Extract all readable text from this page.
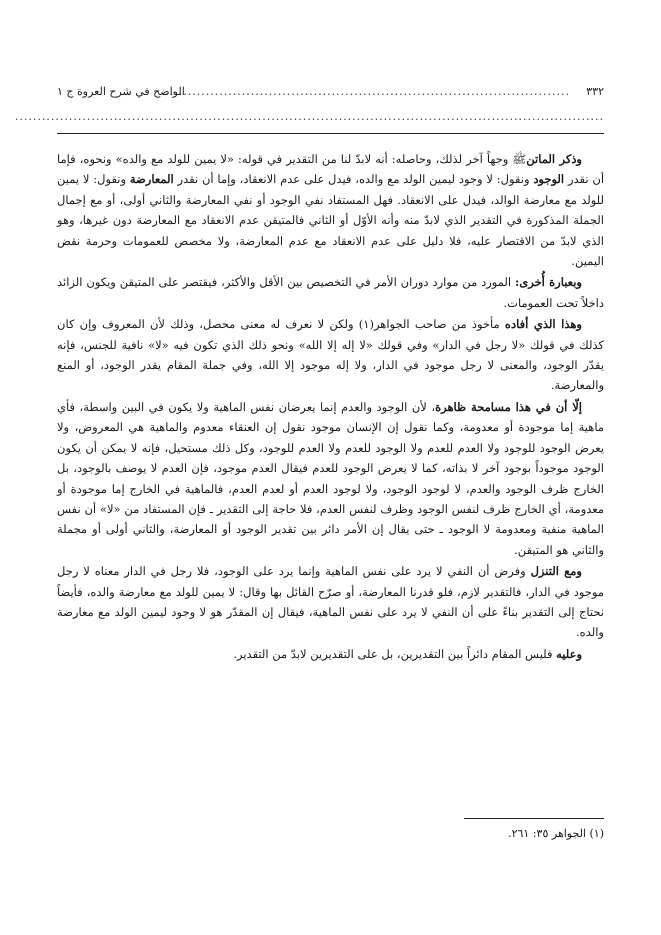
٣٣٢
..........................................................................................
الواضح في شرح العروة ج ١
...................................................................................................................................

وذكر الماتنﷺ وجهاً آخر لذلك، وحاصله: أنه لابدّ لنا من التقدير في قوله: «لا يمين للولد مع والده» ونحوه، فإما أن نقدر الوجود ونقول: لا وجود ليمين الولد مع والده، فيدل على عدم الانعقاد، وإما أن نقدر المعارضة ونقول: لا يمين للولد مع معارضة الوالد، فيدل على الانعقاد. فهل المستفاد نفي الوجود أو نفي المعارضة والثاني أولى، أو مع إجمال الجملة المذكورة في التقدير الذي لابدّ منه وأنه الأوّل أو الثاني فالمتيقن عدم الانعقاد مع المعارضة دون غيرها، وهو الذي لابدّ من الاقتصار عليه، فلا دليل على عدم الانعقاد مع عدم المعارضة، ولا مخصص للعمومات وحرمة نقض اليمين.

وبعبارة أُخرى: المورد من موارد دوران الأمر في التخصيص بين الأقل والأكثر، فيقتصر على المتيقن ويكون الزائد داخلاً تحت العمومات.

وهذا الذي أفاده مأخوذ من صاحب الجواهر(١) ولكن لا نعرف له معنى محصل، وذلك لأن المعروف وإن كان كذلك في قولك «لا رجل في الدار» وفي قولك «لا إله إلا الله» ونحو ذلك الذي تكون فيه «لا» نافية للجنس، فإنه يقدّر الوجود، والمعنى لا رجل موجود في الدار، ولا إله موجود إلا الله، وفي جملة المقام يقدر الوجود، أو المنع والمعارضة.

إلّا أن في هذا مسامحة ظاهرة، لأن الوجود والعدم إنما يعرضان نفس الماهية ولا يكون في البين واسطة، فأي ماهية إما موجودة أو معدومة، وكما نقول إن الإنسان موجود نقول إن العنقاء معدوم والماهية هي المعروض، ولا يعرض الوجود للوجود ولا العدم للعدم ولا الوجود للعدم ولا العدم للوجود، وكل ذلك مستحيل، فإنه لا يمكن أن يكون الوجود موجوداً بوجود آخر لا بذاته، كما لا يعرض الوجود للعدم فيقال العدم موجود، فإن العدم لا يوصف بالوجود، بل الخارج ظرف الوجود والعدم، لا لوجود الوجود، ولا لوجود العدم أو لعدم العدم، فالماهية في الخارج إما موجودة أو معدومة، أي الخارج ظرف لنفس الوجود وظرف لنفس العدم، فلا حاجة إلى التقدير ـ فإن المستفاد من «لا» أن نفس الماهية منفية ومعدومة لا الوجود ـ حتى يقال إن الأمر دائر بين تقدير الوجود أو المعارضة، والثاني أولى أو مجملة والثاني هو المتيقن.

ومع التنزل وفرض أن النفي لا يرد على نفس الماهية وإنما يرد على الوجود، فلا رجل في الدار معناه لا رجل موجود في الدار، فالتقدير لازم، فلو قدرنا المعارضة، أو صرّح القائل بها وقال: لا يمين للولد مع معارضة والده، فأيضاً نحتاج إلى التقدير بناءً على أن النفي لا يرد على نفس الماهية، فيقال إن المقدّر هو لا وجود ليمين الولد مع معارضة والده.

وعليه فليس المقام دائراً بين التقديرين، بل على التقديرين لابدّ من التقدير.

(١) الجواهر ٣٥: ٢٦١.
